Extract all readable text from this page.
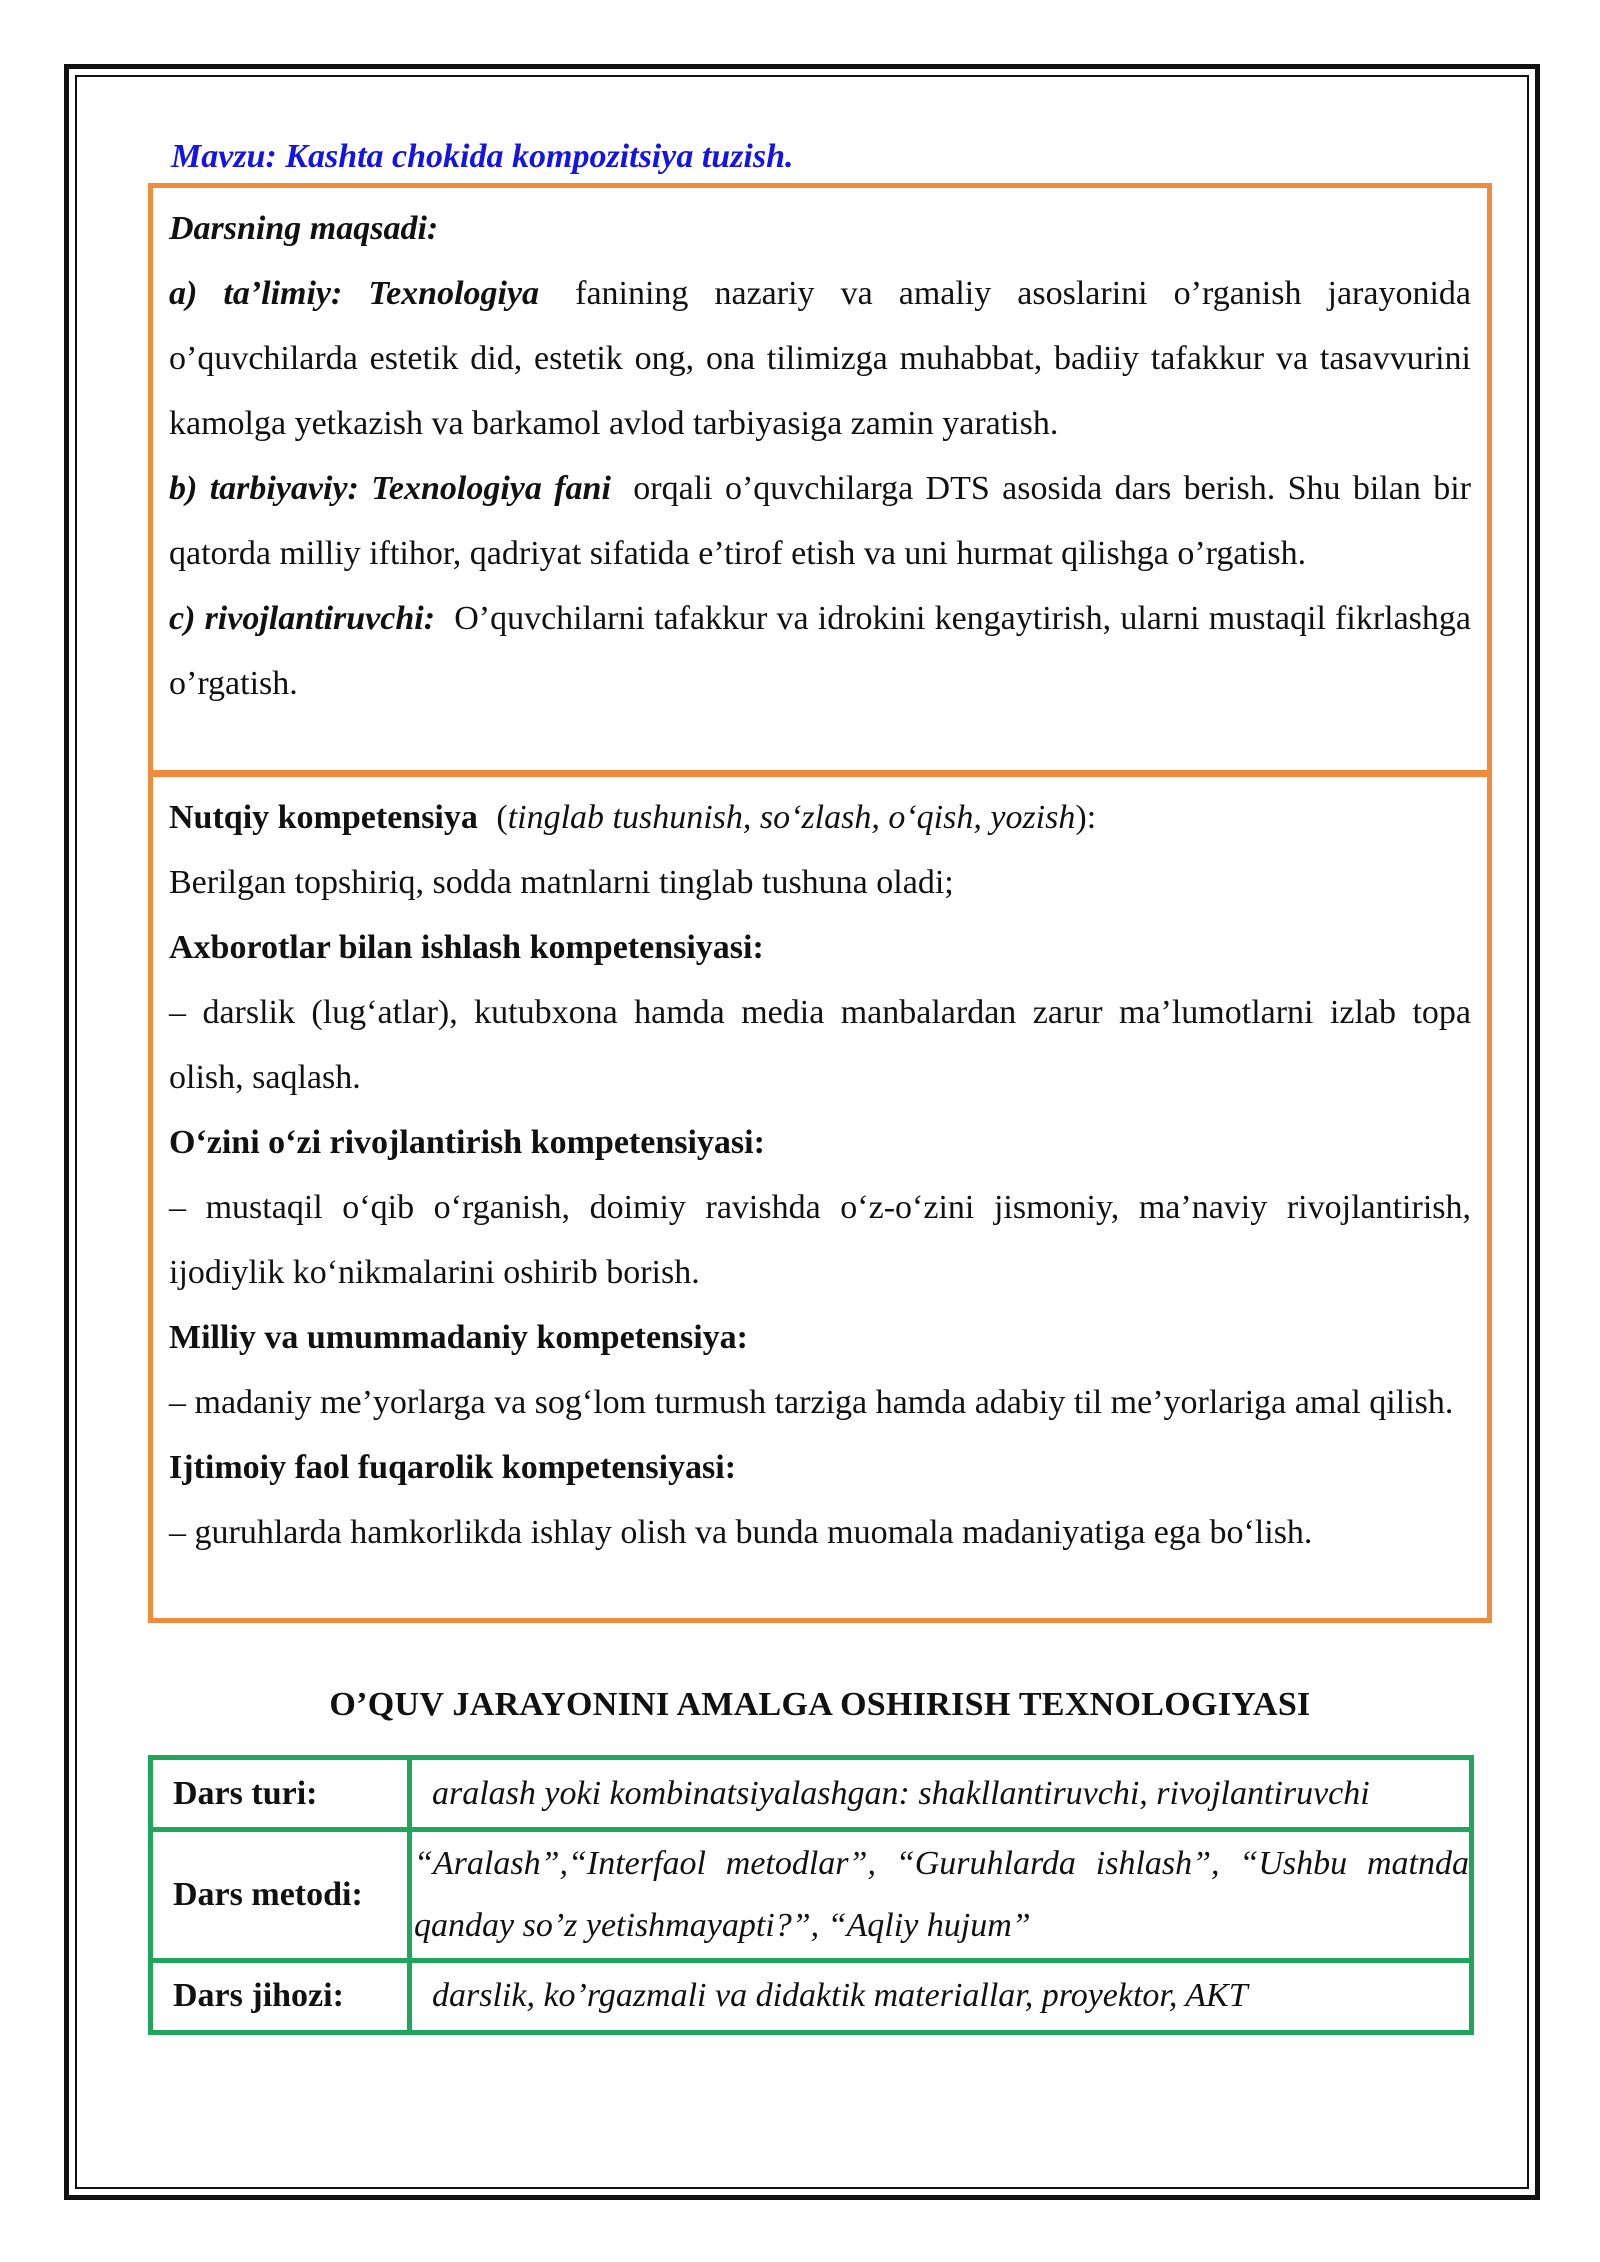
Mavzu: Kashta chokida kompozitsiya tuzish.

Darsning maqsadi:

a) ta’limiy: Texnologiya fanining nazariy va amaliy asoslarini o’rganish jarayonida o’quvchilarda estetik did, estetik ong, ona tilimizga muhabbat, badiiy tafakkur va tasavvurini kamolga yetkazish va barkamol avlod tarbiyasiga zamin yaratish.

b) tarbiyaviy: Texnologiya fani orqali o’quvchilarga DTS asosida dars berish. Shu bilan bir qatorda milliy iftihor, qadriyat sifatida e’tirof etish va uni hurmat qilishga o’rgatish.

c) rivojlantiruvchi: O’quvchilarni tafakkur va idrokini kengaytirish, ularni mustaqil fikrlashga o’rgatish.

Nutqiy kompetensiya (tinglab tushunish, so‘zlash, o‘qish, yozish):

Berilgan topshiriq, sodda matnlarni tinglab tushuna oladi;

Axborotlar bilan ishlash kompetensiyasi:

– darslik (lug‘atlar), kutubxona hamda media manbalardan zarur ma’lumotlarni izlab topa olish, saqlash.

O‘zini o‘zi rivojlantirish kompetensiyasi:

– mustaqil o‘qib o‘rganish, doimiy ravishda o‘z-o‘zini jismoniy, ma’naviy rivojlantirish, ijodiylik ko‘nikmalarini oshirib borish.

Milliy va umummadaniy kompetensiya:

– madaniy me’yorlarga va sog‘lom turmush tarziga hamda adabiy til me’yorlariga amal qilish.

Ijtimoiy faol fuqarolik kompetensiyasi:

– guruhlarda hamkorlikda ishlay olish va bunda muomala madaniyatiga ega bo‘lish.

O’QUV JARAYONINI AMALGA OSHIRISH TEXNOLOGIYASI
Dars turi:	aralash yoki kombinatsiyalashgan: shakllantiruvchi, rivojlantiruvchi
Dars metodi:	“Aralash”,“Interfaol metodlar”, “Guruhlarda ishlash”, “Ushbu matnda qanday so’z yetishmayapti?”, “Aqliy hujum”
Dars jihozi:	darslik, ko’rgazmali va didaktik materiallar, proyektor, AKT
